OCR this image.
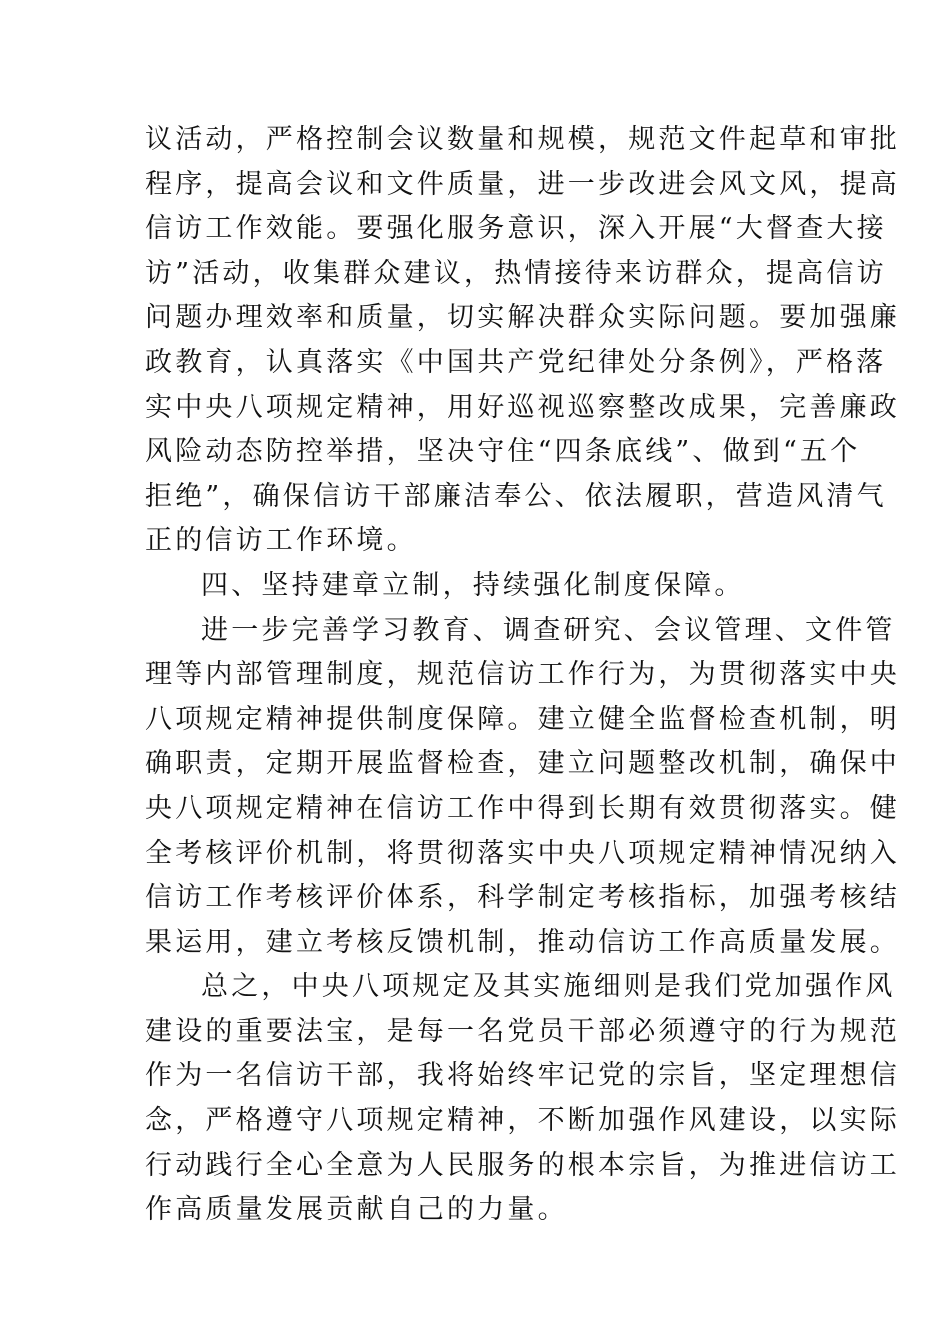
议活动，严格控制会议数量和规模，规范文件起草和审批
程序，提高会议和文件质量，进一步改进会风文风，提高
信访工作效能。要强化服务意识，深入开展“大督查大接
访”活动，收集群众建议，热情接待来访群众，提高信访
问题办理效率和质量，切实解决群众实际问题。要加强廉
政教育，认真落实《中国共产党纪律处分条例》，严格落
实中央八项规定精神，用好巡视巡察整改成果，完善廉政
风险动态防控举措，坚决守住“四条底线”、做到“五个
拒绝”，确保信访干部廉洁奉公、依法履职，营造风清气
正的信访工作环境。
四、坚持建章立制，持续强化制度保障。
进一步完善学习教育、调查研究、会议管理、文件管
理等内部管理制度，规范信访工作行为，为贯彻落实中央
八项规定精神提供制度保障。建立健全监督检查机制，明
确职责，定期开展监督检查，建立问题整改机制，确保中
央八项规定精神在信访工作中得到长期有效贯彻落实。健
全考核评价机制，将贯彻落实中央八项规定精神情况纳入
信访工作考核评价体系，科学制定考核指标，加强考核结
果运用，建立考核反馈机制，推动信访工作高质量发展。
总之，中央八项规定及其实施细则是我们党加强作风
建设的重要法宝，是每一名党员干部必须遵守的行为规范
作为一名信访干部，我将始终牢记党的宗旨，坚定理想信
念，严格遵守八项规定精神，不断加强作风建设，以实际
行动践行全心全意为人民服务的根本宗旨，为推进信访工
作高质量发展贡献自己的力量。
